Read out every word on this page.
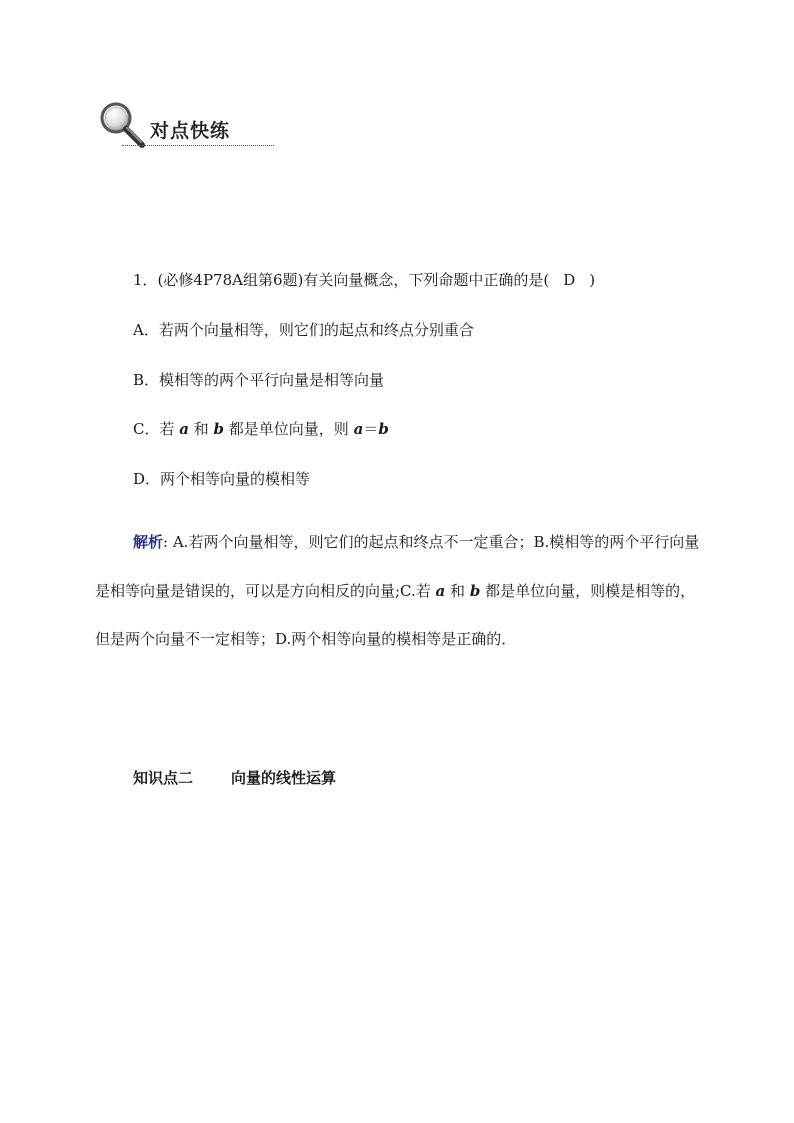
对点快练
1．(必修4P78A组第6题)有关向量概念，下列命题中正确的是( D )
A．若两个向量相等，则它们的起点和终点分别重合
B．模相等的两个平行向量是相等向量
C．若 a 和 b 都是单位向量，则 a＝b
D．两个相等向量的模相等
解析: A.若两个向量相等，则它们的起点和终点不一定重合；B.模相等的两个平行向量是相等向量是错误的，可以是方向相反的向量;C.若 a 和 b 都是单位向量，则模是相等的，但是两个向量不一定相等；D.两个相等向量的模相等是正确的．
知识点二	向量的线性运算
